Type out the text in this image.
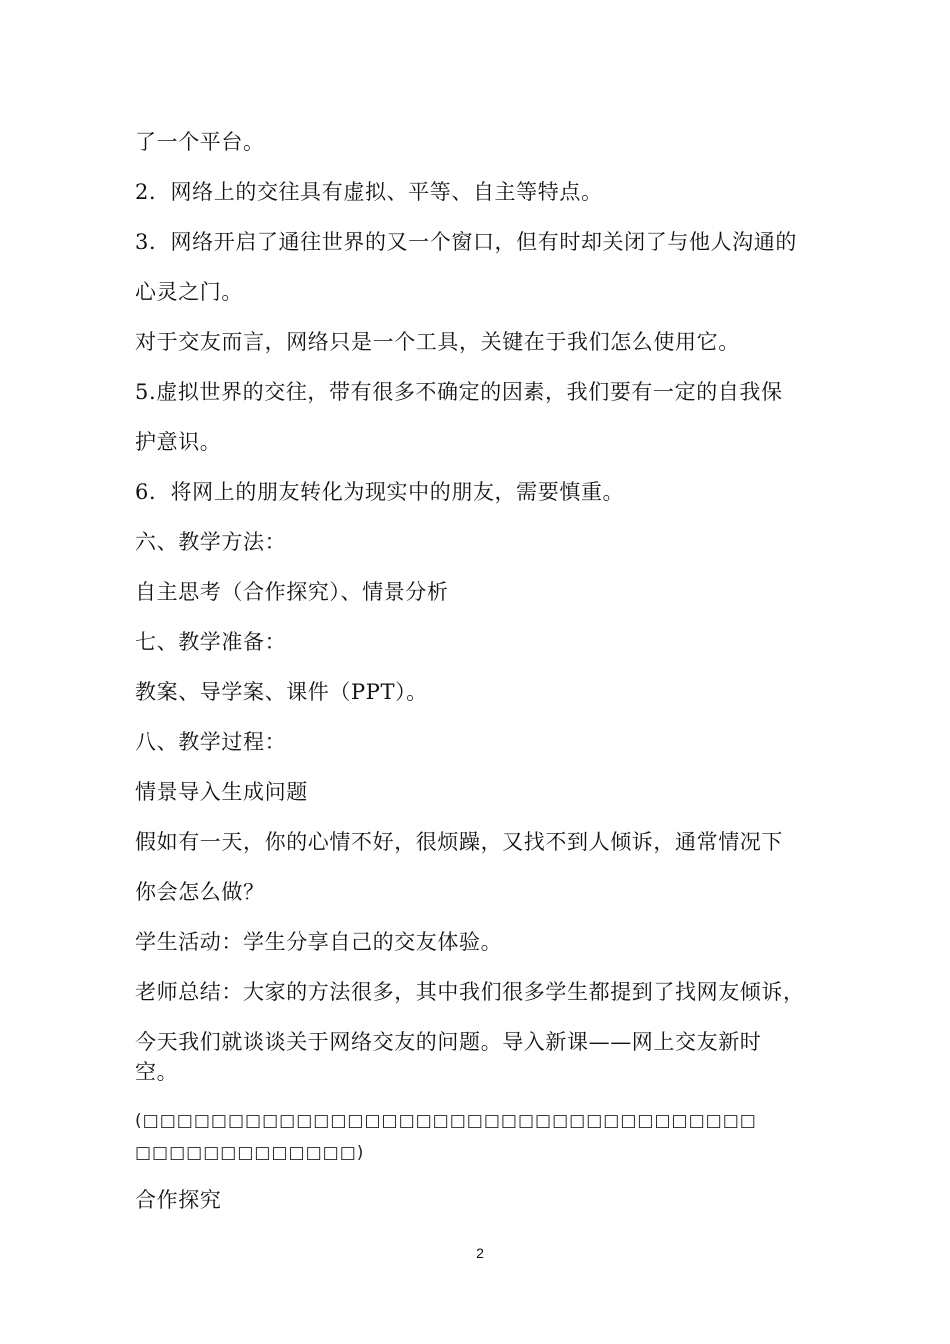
了一个平台。
2．网络上的交往具有虚拟、平等、自主等特点。
3．网络开启了通往世界的又一个窗口，但有时却关闭了与他人沟通的
心灵之门。
对于交友而言，网络只是一个工具，关键在于我们怎么使用它。
5.虚拟世界的交往，带有很多不确定的因素，我们要有一定的自我保
护意识。
6．将网上的朋友转化为现实中的朋友，需要慎重。
六、教学方法：
自主思考（合作探究）、情景分析
七、教学准备：
教案、导学案、课件（PPT）。
八、教学过程：
情景导入生成问题
假如有一天，你的心情不好，很烦躁，又找不到人倾诉，通常情况下
你会怎么做？
学生活动：学生分享自己的交友体验。
老师总结：大家的方法很多，其中我们很多学生都提到了找网友倾诉，
今天我们就谈谈关于网络交友的问题。导入新课——网上交友新时
空。
(□□□□□□□□□□□□□□□□□□□□□□□□□□□□□□□□□□□□
□□□□□□□□□□□□□)
合作探究
2
